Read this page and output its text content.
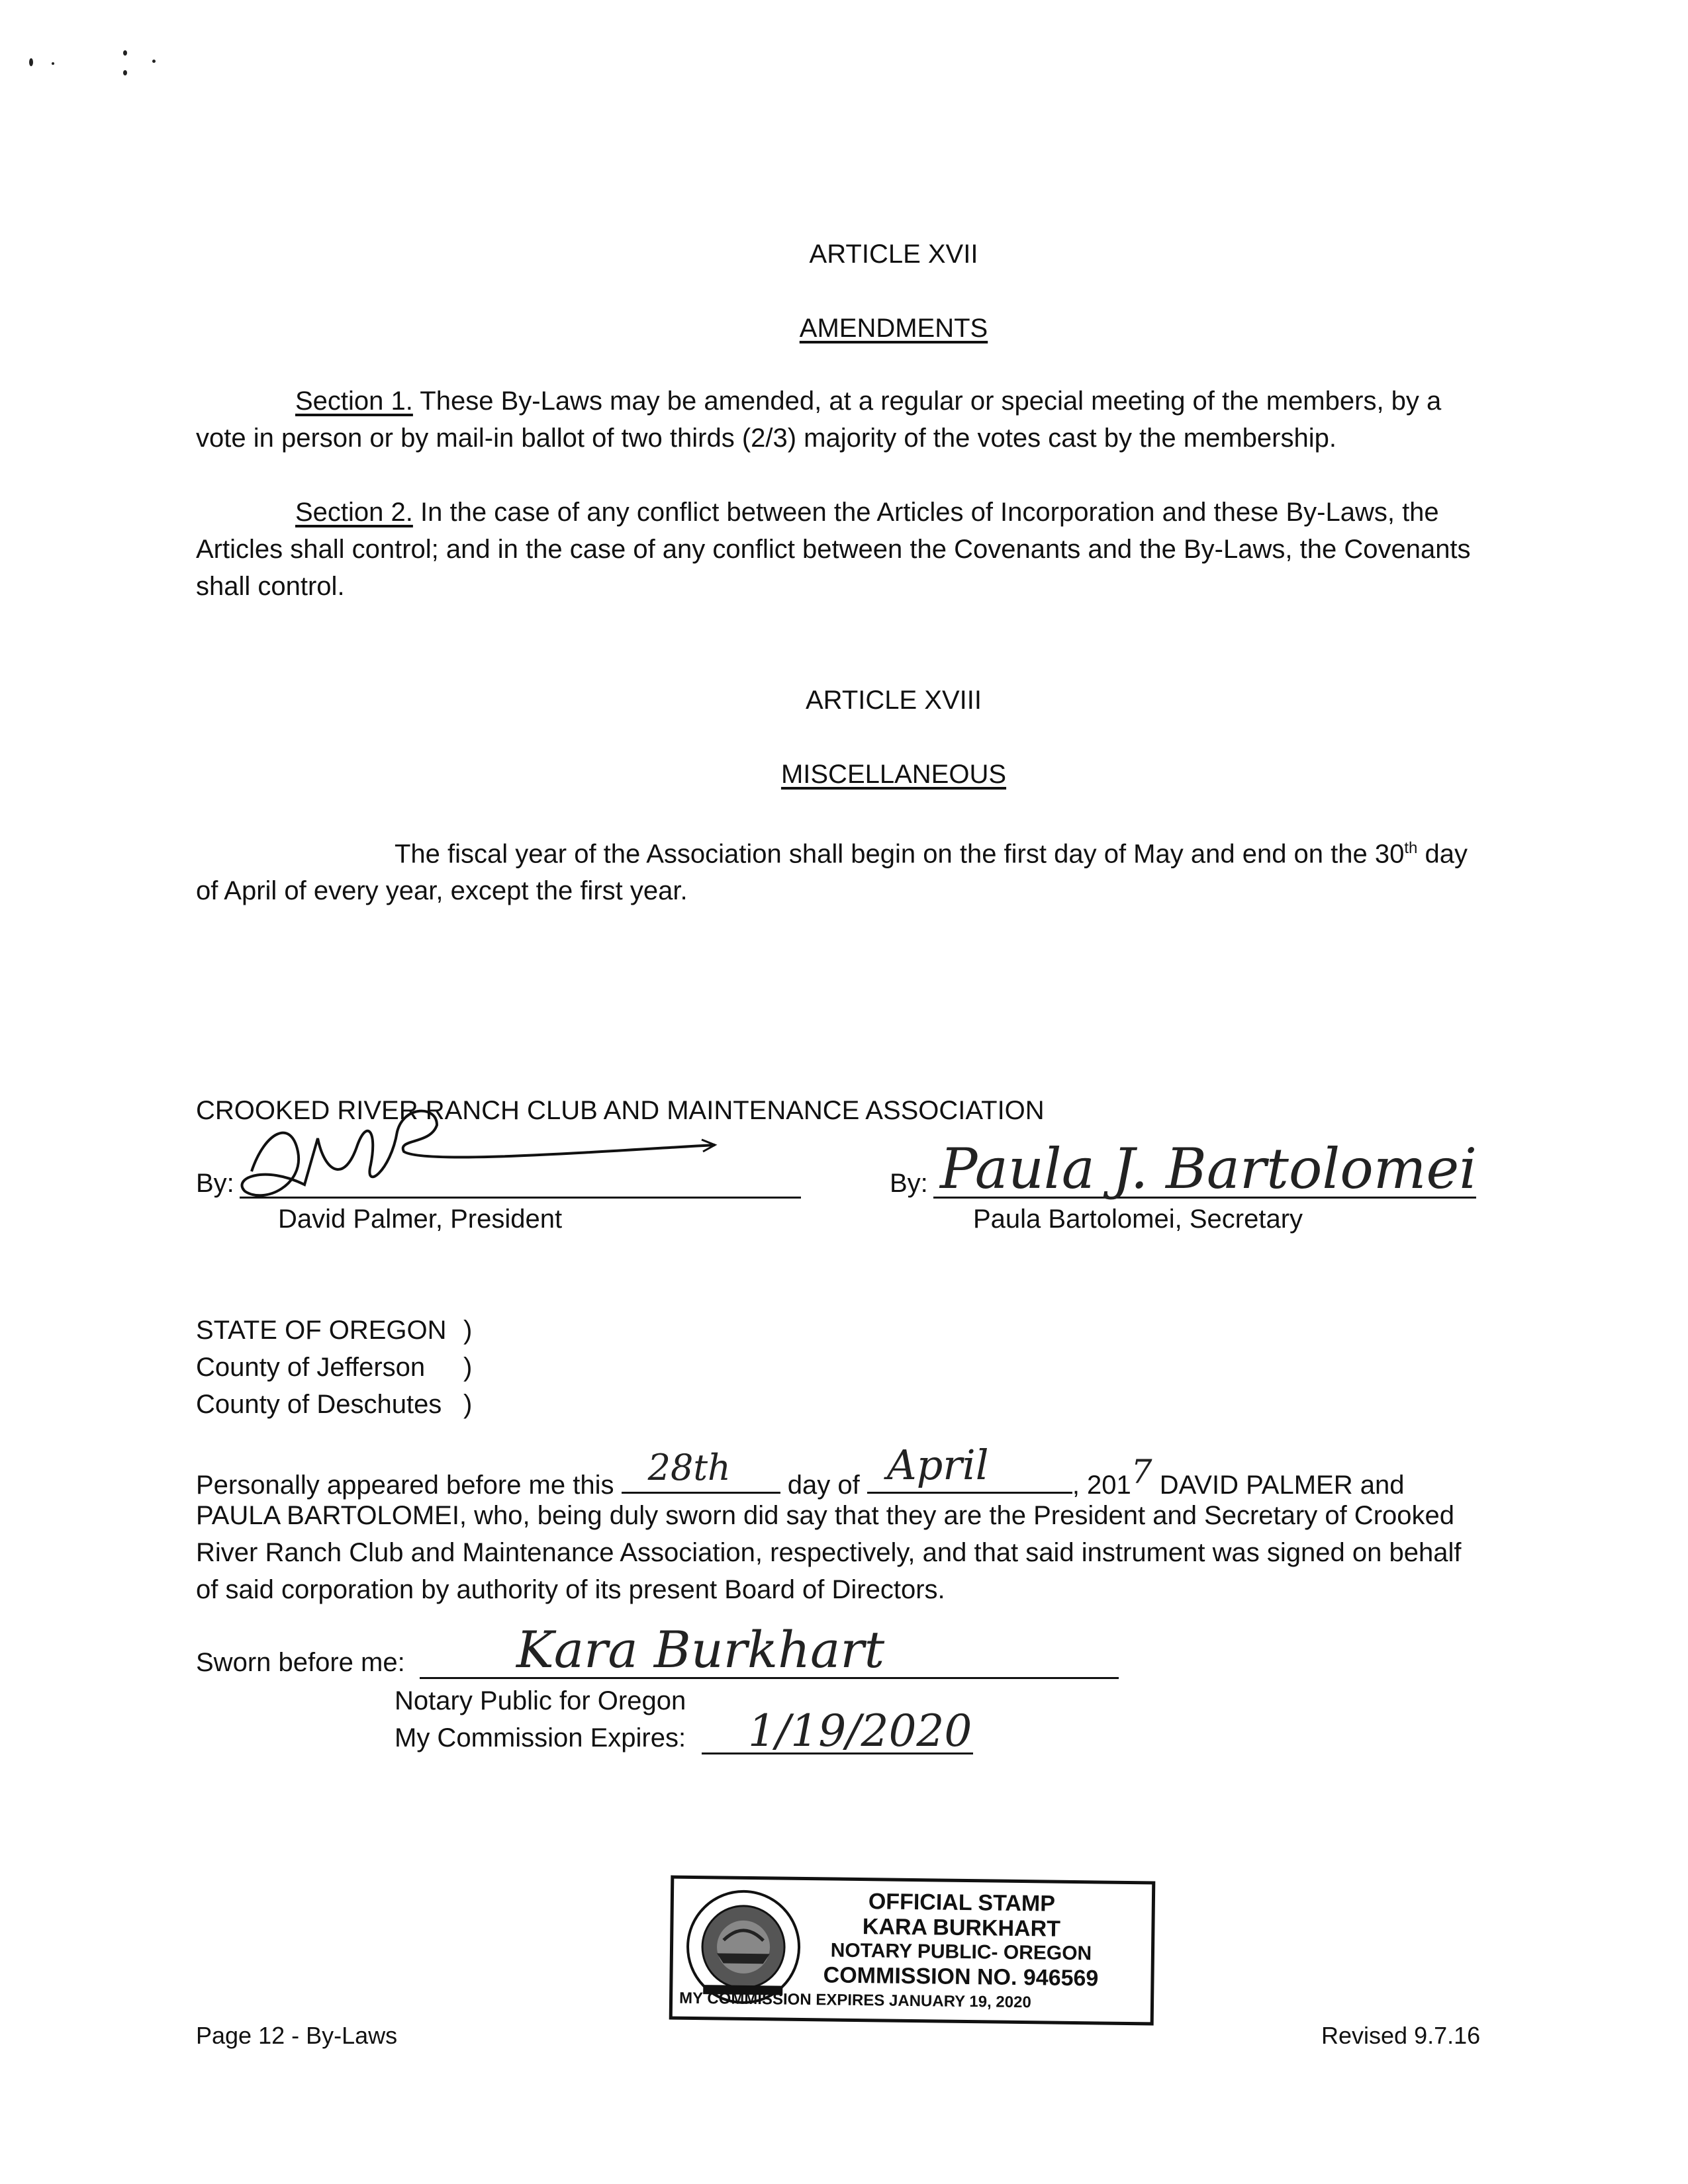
ARTICLE XVII
AMENDMENTS
Section 1. These By-Laws may be amended, at a regular or special meeting of the members, by a vote in person or by mail-in ballot of two thirds (2/3) majority of the votes cast by the membership.
Section 2. In the case of any conflict between the Articles of Incorporation and these By-Laws, the Articles shall control; and in the case of any conflict between the Covenants and the By-Laws, the Covenants shall control.
ARTICLE XVIII
MISCELLANEOUS
The fiscal year of the Association shall begin on the first day of May and end on the 30th day of April of every year, except the first year.
CROOKED RIVER RANCH CLUB AND MAINTENANCE ASSOCIATION
By:
David Palmer, President
By: Paula J. Bartolomei
Paula Bartolomei, Secretary
STATE OF OREGON )
County of Jefferson )
County of Deschutes )
Personally appeared before me this 28th day of April	, 2017 DAVID PALMER and
PAULA BARTOLOMEI, who, being duly sworn did say that they are the President and Secretary of Crooked River Ranch Club and Maintenance Association, respectively, and that said instrument was signed on behalf of said corporation by authority of its present Board of Directors.
Sworn before me: Kara Burkhart
Notary Public for Oregon
My Commission Expires: 1/19/2020
OFFICIAL STAMP
KARA BURKHART
NOTARY PUBLIC- OREGON
COMMISSION NO. 946569
MY COMMISSION EXPIRES JANUARY 19, 2020
Page 12 - By-Laws	Revised 9.7.16
